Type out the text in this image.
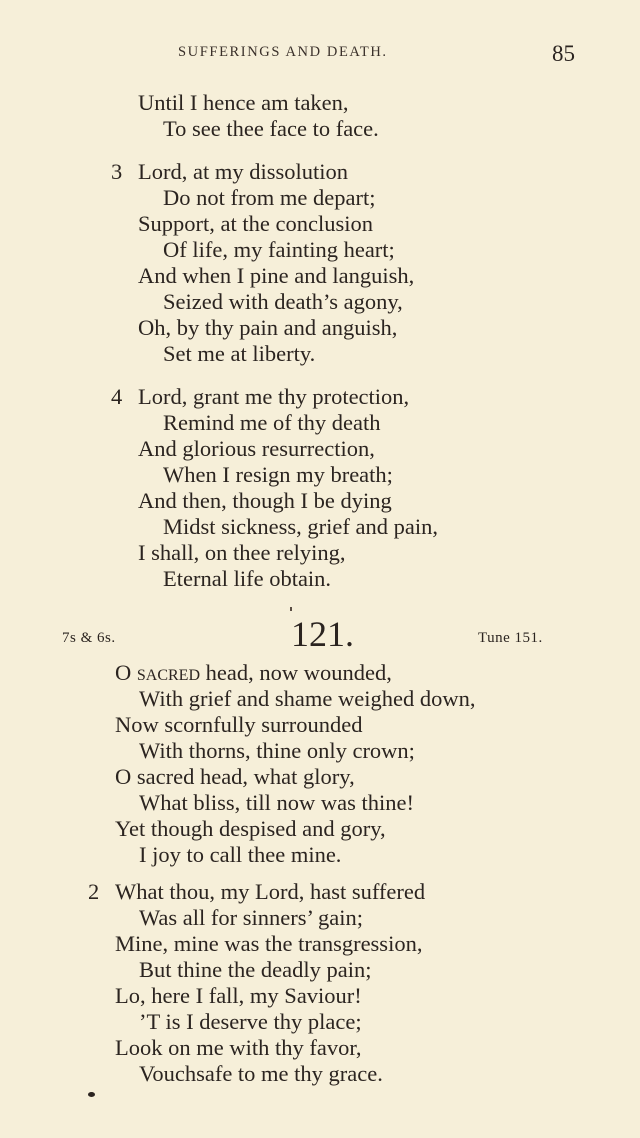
SUFFERINGS AND DEATH.	85
Until I hence am taken,
To see thee face to face.
3 Lord, at my dissolution
Do not from me depart;
Support, at the conclusion
Of life, my fainting heart;
And when I pine and languish,
Seized with death’s agony,
Oh, by thy pain and anguish,
Set me at liberty.
4 Lord, grant me thy protection,
Remind me of thy death
And glorious resurrection,
When I resign my breath;
And then, though I be dying
Midst sickness, grief and pain,
I shall, on thee relying,
Eternal life obtain.
7s & 6s.	121.	Tune 151.
O sacred head, now wounded,
With grief and shame weighed down,
Now scornfully surrounded
With thorns, thine only crown;
O sacred head, what glory,
What bliss, till now was thine!
Yet though despised and gory,
I joy to call thee mine.
2 What thou, my Lord, hast suffered
Was all for sinners’ gain;
Mine, mine was the transgression,
But thine the deadly pain;
Lo, here I fall, my Saviour!
’T is I deserve thy place;
Look on me with thy favor,
Vouchsafe to me thy grace.
